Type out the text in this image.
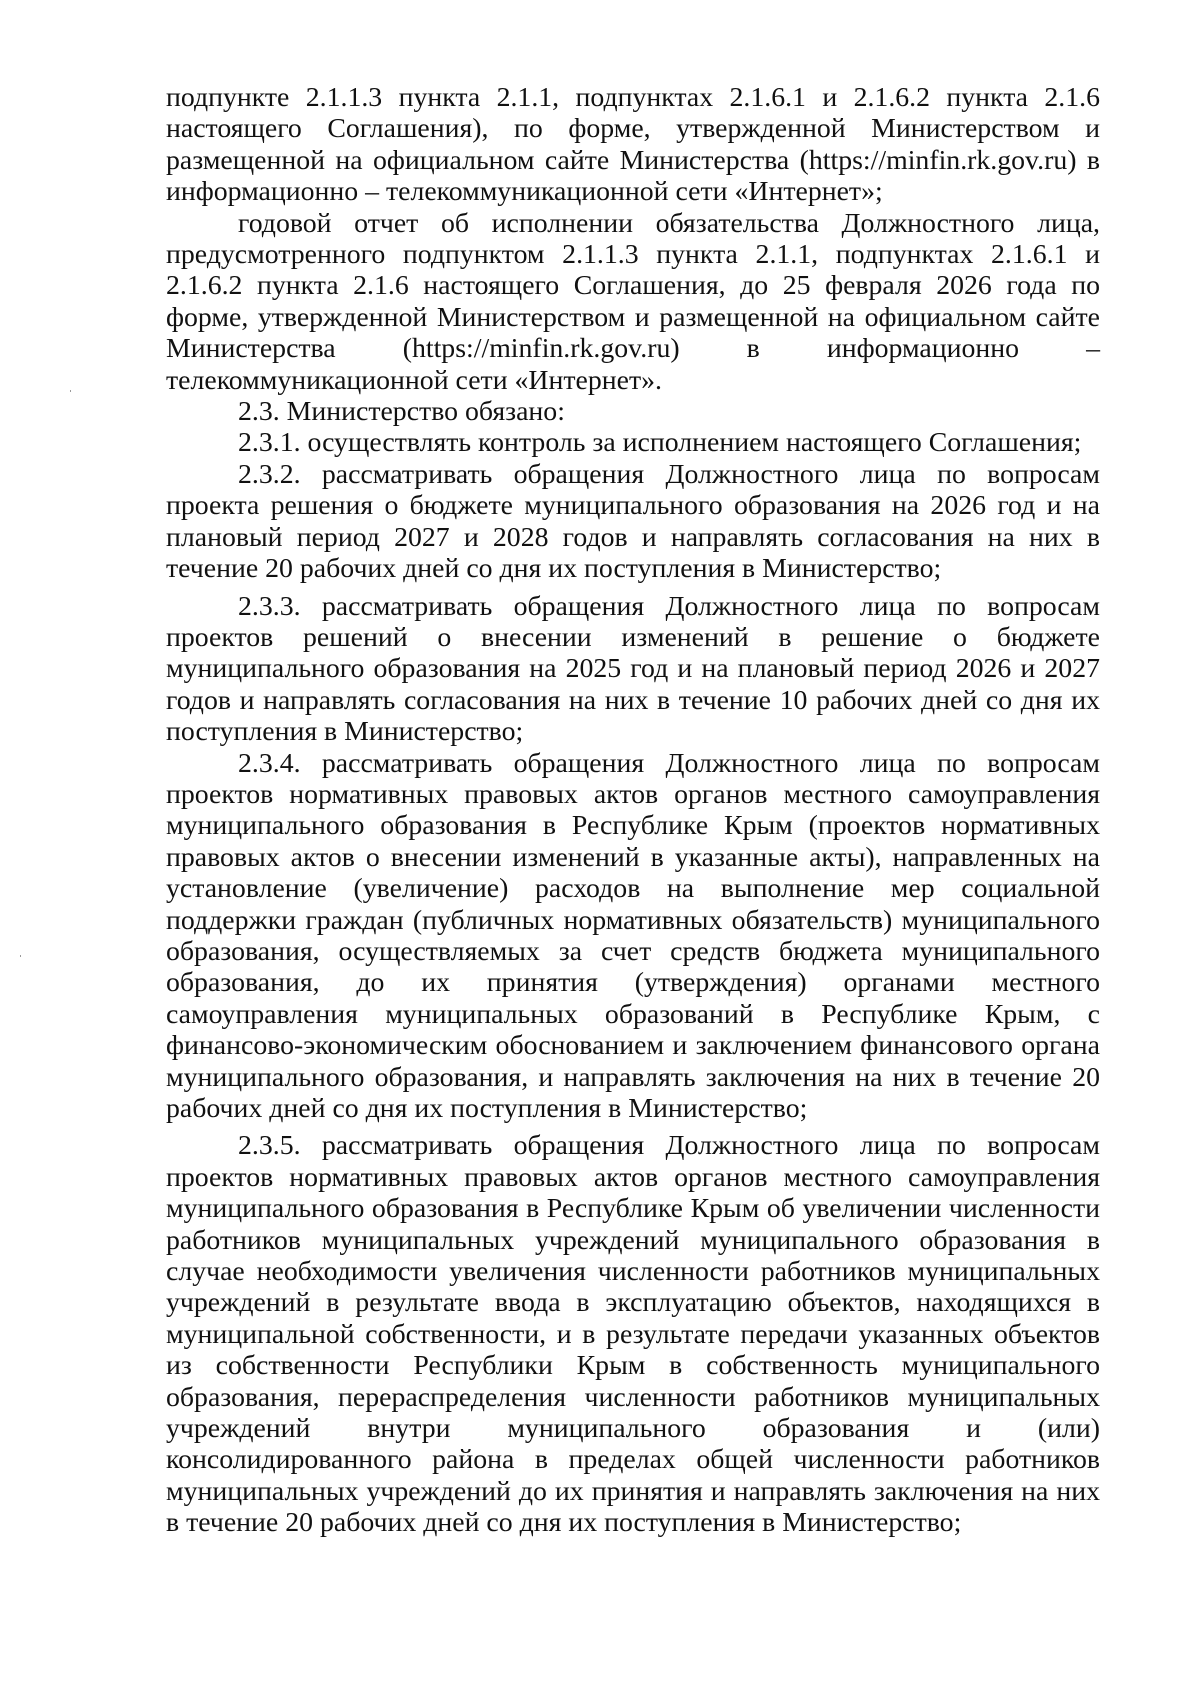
подпункте 2.1.1.3 пункта 2.1.1, подпунктах 2.1.6.1 и 2.1.6.2 пункта 2.1.6 настоящего Соглашения), по форме, утвержденной Министерством и размещенной на официальном сайте Министерства (https://minfin.rk.gov.ru) в информационно – телекоммуникационной сети «Интернет»;

годовой отчет об исполнении обязательства Должностного лица, предусмотренного подпунктом 2.1.1.3 пункта 2.1.1, подпунктах 2.1.6.1 и 2.1.6.2 пункта 2.1.6 настоящего Соглашения, до 25 февраля 2026 года по форме, утвержденной Министерством и размещенной на официальном сайте Министерства (https://minfin.rk.gov.ru) в информационно – телекоммуникационной сети «Интернет».

2.3. Министерство обязано:

2.3.1. осуществлять контроль за исполнением настоящего Соглашения;

2.3.2. рассматривать обращения Должностного лица по вопросам проекта решения о бюджете муниципального образования на 2026 год и на плановый период 2027 и 2028 годов и направлять согласования на них в течение 20 рабочих дней со дня их поступления в Министерство;

2.3.3. рассматривать обращения Должностного лица по вопросам проектов решений о внесении изменений в решение о бюджете муниципального образования на 2025 год и на плановый период 2026 и 2027 годов и направлять согласования на них в течение 10 рабочих дней со дня их поступления в Министерство;

2.3.4. рассматривать обращения Должностного лица по вопросам проектов нормативных правовых актов органов местного самоуправления муниципального образования в Республике Крым (проектов нормативных правовых актов о внесении изменений в указанные акты), направленных на установление (увеличение) расходов на выполнение мер социальной поддержки граждан (публичных нормативных обязательств) муниципального образования, осуществляемых за счет средств бюджета муниципального образования, до их принятия (утверждения) органами местного самоуправления муниципальных образований в Республике Крым, с финансово-экономическим обоснованием и заключением финансового органа муниципального образования, и направлять заключения на них в течение 20 рабочих дней со дня их поступления в Министерство;

2.3.5. рассматривать обращения Должностного лица по вопросам проектов нормативных правовых актов органов местного самоуправления муниципального образования в Республике Крым об увеличении численности работников муниципальных учреждений муниципального образования в случае необходимости увеличения численности работников муниципальных учреждений в результате ввода в эксплуатацию объектов, находящихся в муниципальной собственности, и в результате передачи указанных объектов из собственности Республики Крым в собственность муниципального образования, перераспределения численности работников муниципальных учреждений внутри муниципального образования и (или) консолидированного района в пределах общей численности работников муниципальных учреждений до их принятия и направлять заключения на них в течение 20 рабочих дней со дня их поступления в Министерство;
